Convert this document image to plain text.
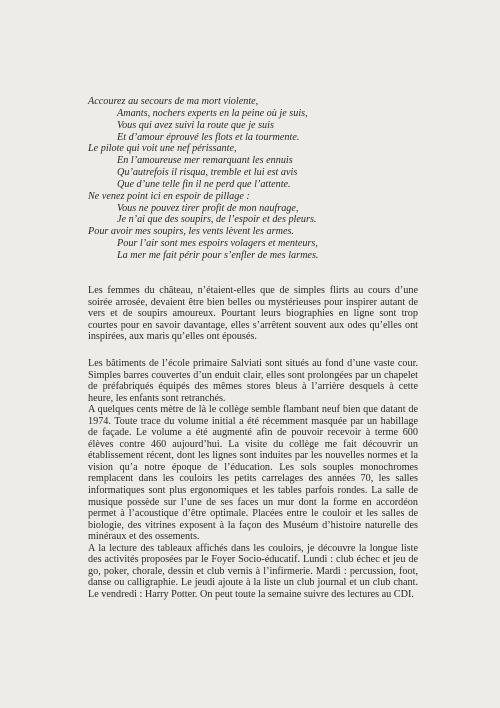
Accourez au secours de ma mort violente,
Amants, nochers experts en la peine où je suis,
Vous qui avez suivi la route que je suis
Et d’amour éprouvé les flots et la tourmente.
Le pilote qui voit une nef périssante,
En l’amoureuse mer remarquant les ennuis
Qu’autrefois il risqua, tremble et lui est avis
Que d’une telle fin il ne perd que l’attente.
Ne venez point ici en espoir de pillage :
Vous ne pouvez tirer profit de mon naufrage,
Je n’ai que des soupirs, de l’espoir et des pleurs.
Pour avoir mes soupirs, les vents lèvent les armes.
Pour l’air sont mes espoirs volagers et menteurs,
La mer me fait périr pour s’enfler de mes larmes.

Les femmes du château, n’étaient-elles que de simples flirts au cours d’une soirée arrosée, devaient être bien belles ou mystérieuses pour inspirer autant de vers et de soupirs amoureux. Pourtant leurs biographies en ligne sont trop courtes pour en savoir davantage, elles s’arrêtent souvent aux odes qu’elles ont inspirées, aux maris qu’elles ont épousés.

Les bâtiments de l’école primaire Salviati sont situés au fond d’une vaste cour. Simples barres couvertes d’un enduit clair, elles sont prolongées par un chapelet de préfabriqués équipés des mêmes stores bleus à l’arrière desquels à cette heure, les enfants sont retranchés.

A quelques cents mètre de là le collège semble flambant neuf bien que datant de 1974. Toute trace du volume initial a été récemment masquée par un habillage de façade. Le volume a été augmenté afin de pouvoir recevoir à terme 600 élèves contre 460 aujourd’hui. La visite du collège me fait découvrir un établissement récent, dont les lignes sont induites par les nouvelles normes et la vision qu’a notre époque de l’éducation. Les sols souples monochromes remplacent dans les couloirs les petits carrelages des années 70, les salles informatiques sont plus ergonomiques et les tables parfois rondes. La salle de musique possède sur l’une de ses faces un mur dont la forme en accordéon permet à l’acoustique d’être optimale. Placées entre le couloir et les salles de biologie, des vitrines exposent à la façon des Muséum d’histoire naturelle des minéraux et des ossements.

A la lecture des tableaux affichés dans les couloirs, je découvre la longue liste des activités proposées par le Foyer Socio-éducatif. Lundi : club échec et jeu de go, poker, chorale, dessin et club vernis à l’infirmerie. Mardi : percussion, foot, danse ou calligraphie. Le jeudi ajoute à la liste un club journal et un club chant. Le vendredi : Harry Potter. On peut toute la semaine suivre des lectures au CDI.
